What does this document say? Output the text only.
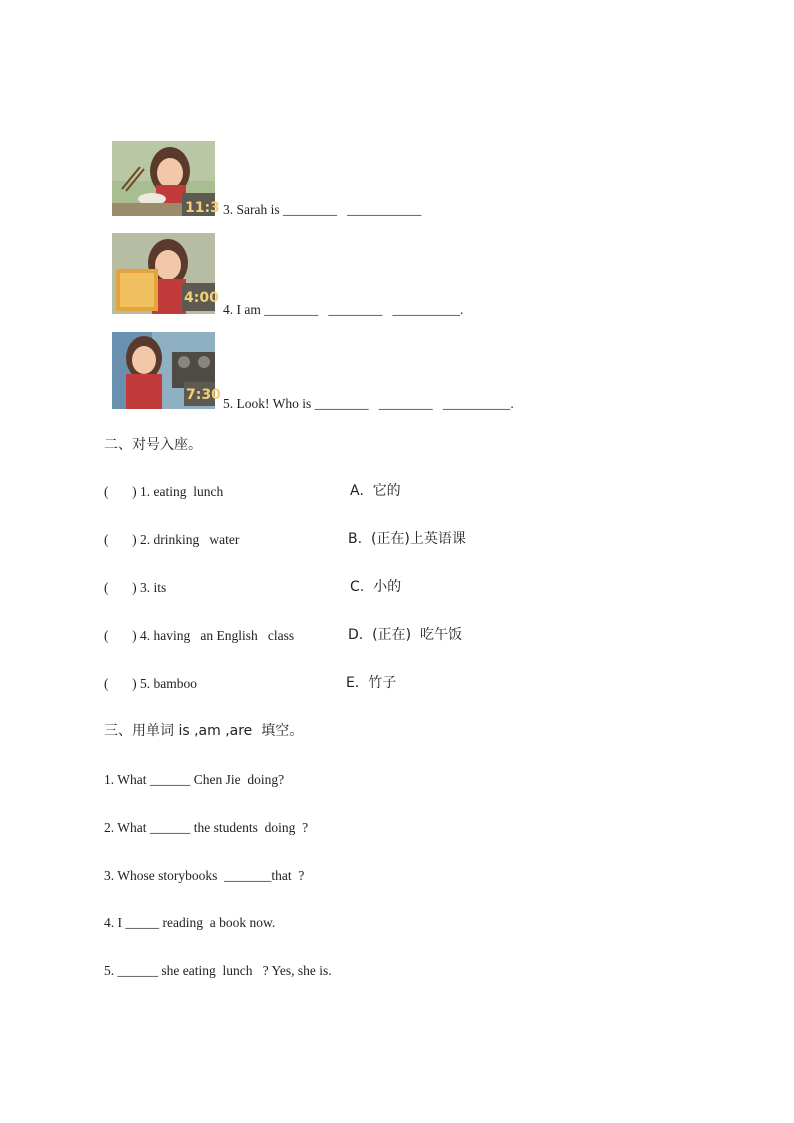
11:3 3. Sarah is ________   ___________
4:00
4. I am ________   ________   __________.
7:30
5. Look! Who is ________   ________   __________.
二、对号入座。
(       ) 1. eating  lunch	A.  它的
(       ) 2. drinking   water	B.  (正在)上英语课
(       ) 3. its	C.  小的
(       ) 4. having   an English   class	D.  (正在)  吃午饭
(       ) 5. bamboo	E.  竹子
三、用单词 is ,am ,are  填空。
1. What ______ Chen Jie  doing?
2. What ______ the students  doing  ?
3. Whose storybooks  _______that  ?
4. I _____ reading  a book now.
5. ______ she eating  lunch   ? Yes, she is.
